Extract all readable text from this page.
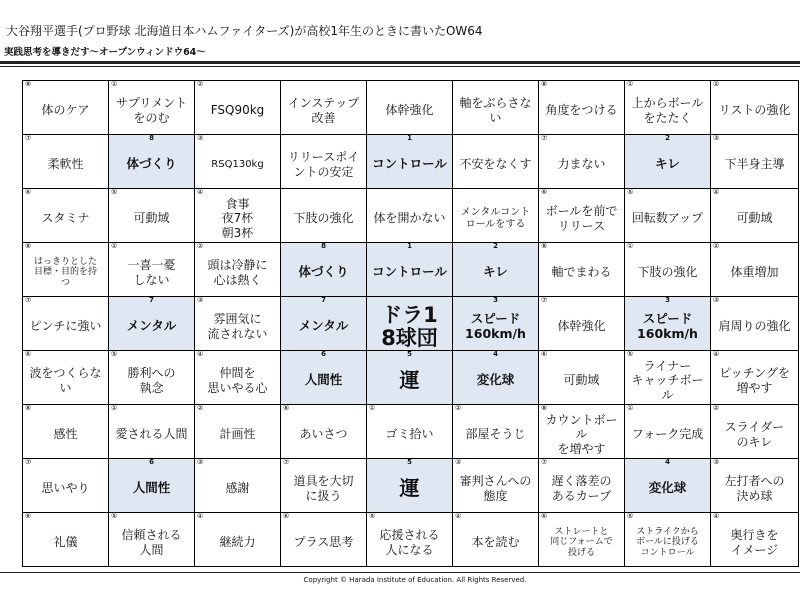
大谷翔平選手(プロ野球 北海道日本ハムファイターズ)が高校1年生のときに書いたOW64
実践思考を導きだす～オープンウィンドウ64～
⑧
体のケア
①
サプリメント
をのむ
②
FSQ90kg
インステップ
改善
体幹強化
軸をぶらさない
⑧
角度をつける
①
上からボール
をたたく
②
リストの強化
⑦
柔軟性
8
体づくり
③
RSQ130kg リリースポイ
ントの安定
1
コントロール 不安をなくす
⑦
力まない
2
キレ
③
下半身主導
⑥
スタミナ
⑤
可動域
④
食事
夜7杯
朝3杯
下肢の強化 体を開かない メンタルコント
ロールをする
⑥
ボールを前で
リリース
⑤
回転数アップ
④
可動域
⑧
はっきりとした
目標・目的を持
つ
①
一喜一憂
しない
②
頭は冷静に
心は熱く
8
体づくり
1
コントロール
2
キレ
⑧
軸でまわる
①
下肢の強化
②
体重増加
⑦
ピンチに強い
7
メンタル
③
雰囲気に
流されない
7
メンタル ドラ1
8球団
3
スピード
160km/h
⑦
体幹強化
3
スピード
160km/h
③
肩周りの強化
⑥
波をつくらない
⑤
勝利への
執念
④
仲間を
思いやる心
6
人間性
5
運
4
変化球
⑥
可動域
⑤
ライナー
キャッチボール
④
ピッチングを
増やす
⑧
感性
①
愛される人間
②
計画性
⑧
あいさつ
①
ゴミ拾い
②
部屋そうじ
⑧
カウントボール
を増やす
①
フォーク完成
②
スライダー
のキレ
⑦
思いやり
6
人間性
③
感謝
⑦
道具を大切
に扱う
5
運
③
審判さんへの
態度
⑦
遅く落差の
あるカーブ
4
変化球
③
左打者への
決め球
⑥
礼儀
⑤
信頼される
人間
④
継続力
⑥
プラス思考
⑤
応援される
人になる
④
本を読む
⑥
ストレートと
同じフォームで
投げる
⑤
ストライクから
ボールに投げる
コントロール
④
奥行きを
イメージ
Copyright © Harada Institute of Education. All Rights Reserved.
